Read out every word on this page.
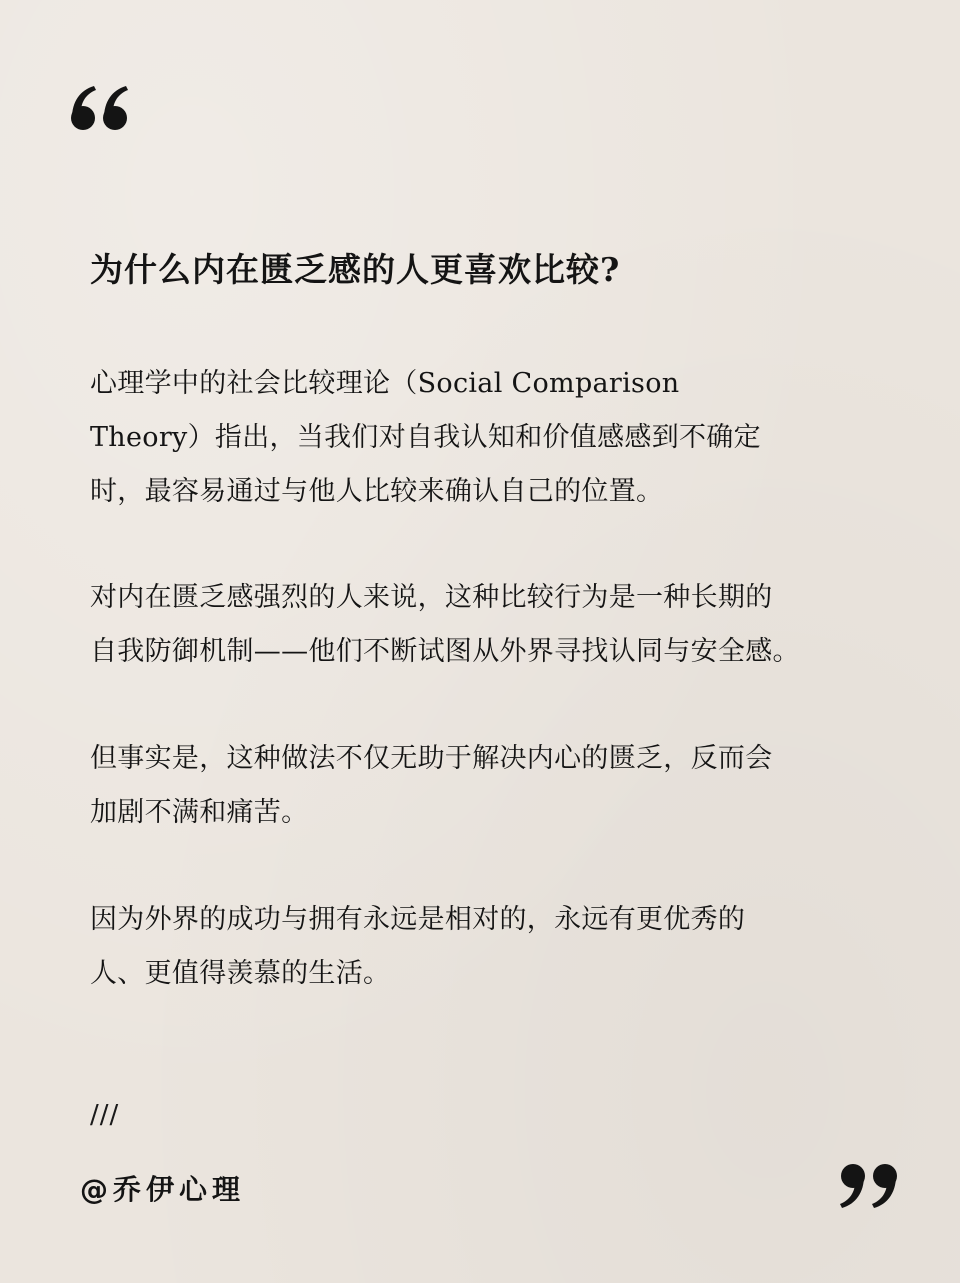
为什么内在匮乏感的人更喜欢比较?
心理学中的社会比较理论（Social Comparison
Theory）指出，当我们对自我认知和价值感感到不确定
时，最容易通过与他人比较来确认自己的位置。
对内在匮乏感强烈的人来说，这种比较行为是一种长期的
自我防御机制——他们不断试图从外界寻找认同与安全感。
但事实是，这种做法不仅无助于解决内心的匮乏，反而会
加剧不满和痛苦。
因为外界的成功与拥有永远是相对的，永远有更优秀的
人、更值得羡慕的生活。
///
@乔伊心理
